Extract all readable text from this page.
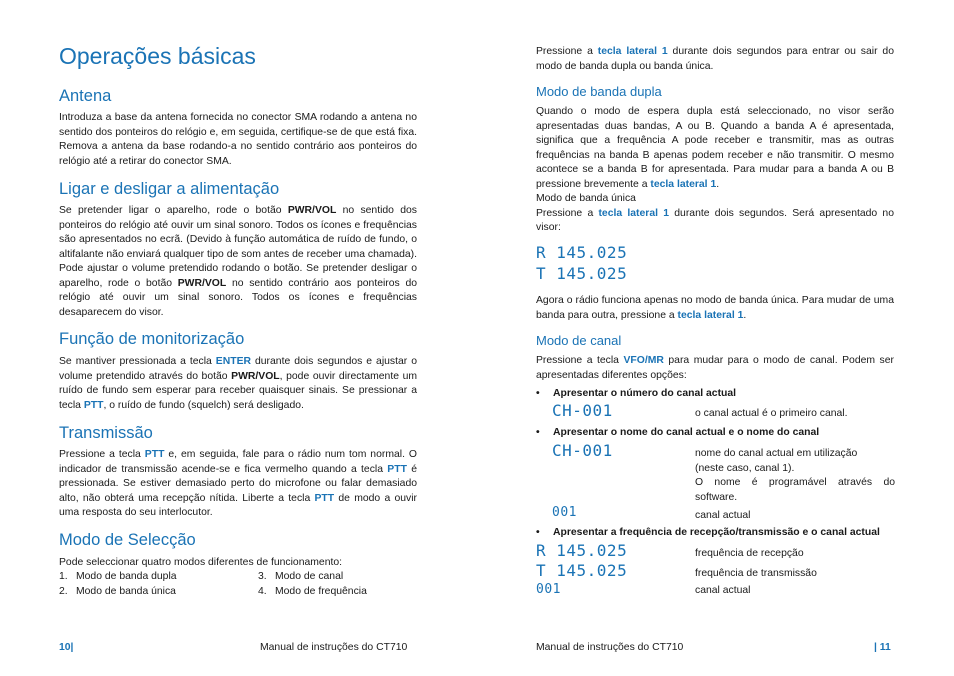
Operações básicas
Antena

Introduza a base da antena fornecida no conector SMA rodando a antena no sentido dos ponteiros do relógio e, em seguida, certifique-se de que está fixa. Remova a antena da base rodando-a no sentido contrário aos ponteiros do relógio até a retirar do conector SMA.

Ligar e desligar a alimentação

Se pretender ligar o aparelho, rode o botão PWR/VOL no sentido dos ponteiros do relógio até ouvir um sinal sonoro. Todos os ícones e frequências são apresentados no ecrã. (Devido à função automática de ruído de fundo, o altifalante não enviará qualquer tipo de som antes de receber uma chamada). Pode ajustar o volume pretendido rodando o botão. Se pretender desligar o aparelho, rode o botão PWR/VOL no sentido contrário aos ponteiros do relógio até ouvir um sinal sonoro. Todos os ícones e frequências desaparecem do visor.

Função de monitorização

Se mantiver pressionada a tecla ENTER durante dois segundos e ajustar o volume pretendido através do botão PWR/VOL, pode ouvir directamente um ruído de fundo sem esperar para receber quaisquer sinais. Se pressionar a tecla PTT, o ruído de fundo (squelch) será desligado.

Transmissão

Pressione a tecla PTT e, em seguida, fale para o rádio num tom normal. O indicador de transmissão acende-se e fica vermelho quando a tecla PTT é pressionada. Se estiver demasiado perto do microfone ou falar demasiado alto, não obterá uma recepção nítida. Liberte a tecla PTT de modo a ouvir uma resposta do seu interlocutor.

Modo de Selecção
Pode seleccionar quatro modos diferentes de funcionamento:
1. Modo de banda dupla
2. Modo de banda única
3. Modo de canal
4. Modo de frequência
10|	Manual de instruções do CT710

Pressione a tecla lateral 1 durante dois segundos para entrar ou sair do modo de banda dupla ou banda única.

Modo de banda dupla

Quando o modo de espera dupla está seleccionado, no visor serão apresentadas duas bandas, A ou B. Quando a banda A é apresentada, significa que a frequência A pode receber e transmitir, mas as outras frequências na banda B apenas podem receber e não transmitir. O mesmo acontece se a banda B for apresentada. Para mudar para a banda A ou B pressione brevemente a tecla lateral 1.

Modo de banda única

Pressione a tecla lateral 1 durante dois segundos. Será apresentado no visor:

R 145.025
T 145.025

Agora o rádio funciona apenas no modo de banda única. Para mudar de uma banda para outra, pressione a tecla lateral 1.

Modo de canal

Pressione a tecla VFO/MR para mudar para o modo de canal. Podem ser apresentadas diferentes opções:

• Apresentar o número do canal actual
CH-001	o canal actual é o primeiro canal.
• Apresentar o nome do canal actual e o nome do canal
CH-001	nome do canal actual em utilização
(neste caso, canal 1).
O nome é programável através do software.
001	canal actual
• Apresentar a frequência de recepção/transmissão e o canal actual
R 145.025	frequência de recepção
T 145.025	frequência de transmissão
001	canal actual
Manual de instruções do CT710	| 11
